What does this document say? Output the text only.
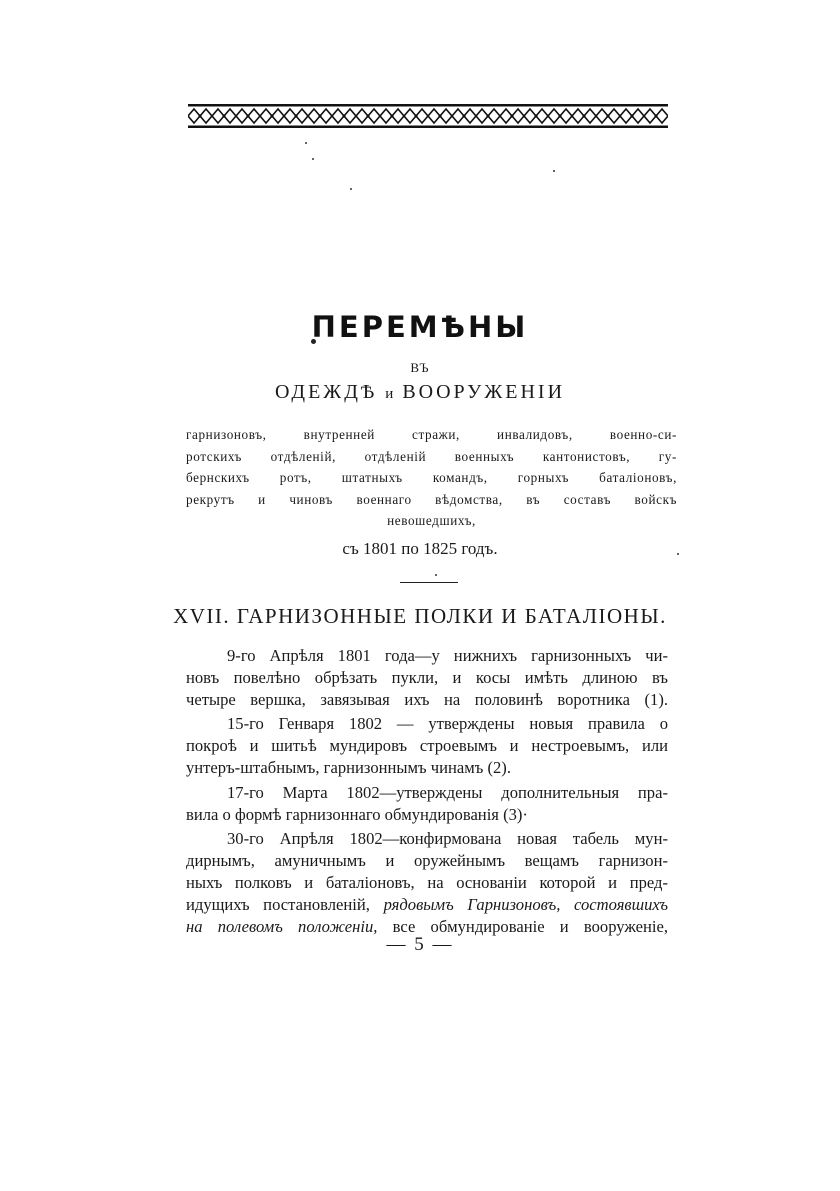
ПЕРЕМѢНЫ
ВЪ
ОДЕЖДѢ и ВООРУЖЕНІИ
гарнизоновъ, внутренней стражи, инвалидовъ, военно-си-
ротскихъ отдѣленій, отдѣленій военныхъ кантонистовъ, гу-
бернскихъ ротъ, штатныхъ командъ, горныхъ баталіоновъ,
рекрутъ и чиновъ военнаго вѣдомства, въ составъ войскъ
невошедшихъ,
съ 1801 по 1825 годъ.
XVII. ГАРНИЗОННЫЕ ПОЛКИ И БАТАЛІОНЫ.
9-го Апрѣля 1801 года—у нижнихъ гарнизонныхъ чи-
новъ повелѣно обрѣзать пукли, и косы имѣть длиною въ
четыре вершка, завязывая ихъ на половинѣ воротника (1).
15-го Генваря 1802 — утверждены новыя правила о
покроѣ и шитьѣ мундировъ строевымъ и нестроевымъ, или
унтеръ-штабнымъ, гарнизоннымъ чинамъ (2).
17-го Марта 1802—утверждены дополнительныя пра-
вила о формѣ гарнизоннаго обмундированія (3)·
30-го Апрѣля 1802—конфирмована новая табель мун-
дирнымъ, амуничнымъ и оружейнымъ вещамъ гарнизон-
ныхъ полковъ и баталіоновъ, на основаніи которой и пред-
идущихъ постановленій, рядовымъ Гарнизоновъ, состоявшихъ
на полевомъ положеніи, все обмундированіе и вооруженіе,
— 5 —
